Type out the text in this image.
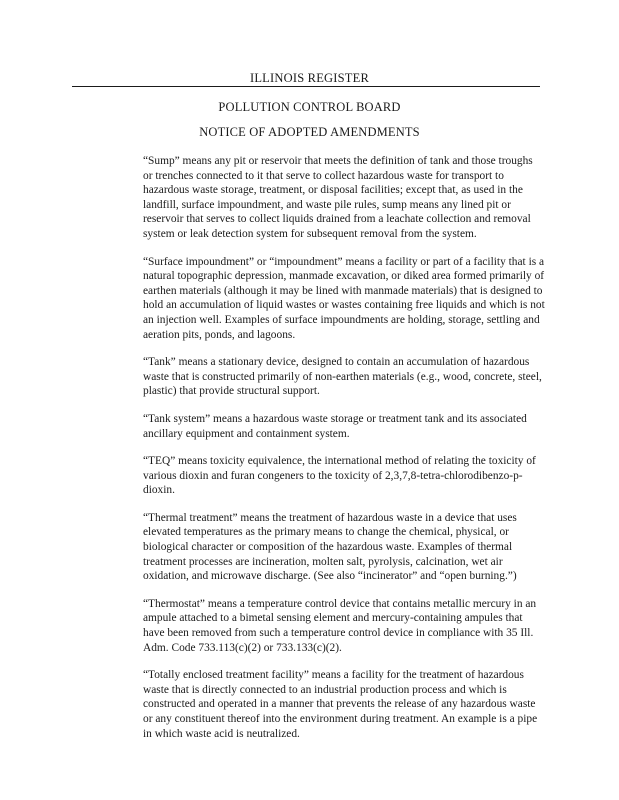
ILLINOIS REGISTER
POLLUTION CONTROL BOARD
NOTICE OF ADOPTED AMENDMENTS

“Sump” means any pit or reservoir that meets the definition of tank and those troughs or trenches connected to it that serve to collect hazardous waste for transport to hazardous waste storage, treatment, or disposal facilities; except that, as used in the landfill, surface impoundment, and waste pile rules, sump means any lined pit or reservoir that serves to collect liquids drained from a leachate collection and removal system or leak detection system for subsequent removal from the system.

“Surface impoundment” or “impoundment” means a facility or part of a facility that is a natural topographic depression, manmade excavation, or diked area formed primarily of earthen materials (although it may be lined with manmade materials) that is designed to hold an accumulation of liquid wastes or wastes containing free liquids and which is not an injection well. Examples of surface impoundments are holding, storage, settling and aeration pits, ponds, and lagoons.

“Tank” means a stationary device, designed to contain an accumulation of hazardous waste that is constructed primarily of non-earthen materials (e.g., wood, concrete, steel, plastic) that provide structural support.

“Tank system” means a hazardous waste storage or treatment tank and its associated ancillary equipment and containment system.

“TEQ” means toxicity equivalence, the international method of relating the toxicity of various dioxin and furan congeners to the toxicity of 2,3,7,8-tetra-chlorodibenzo-p-dioxin.

“Thermal treatment” means the treatment of hazardous waste in a device that uses elevated temperatures as the primary means to change the chemical, physical, or biological character or composition of the hazardous waste. Examples of thermal treatment processes are incineration, molten salt, pyrolysis, calcination, wet air oxidation, and microwave discharge. (See also “incinerator” and “open burning.”)

“Thermostat” means a temperature control device that contains metallic mercury in an ampule attached to a bimetal sensing element and mercury-containing ampules that have been removed from such a temperature control device in compliance with 35 Ill. Adm. Code 733.113(c)(2) or 733.133(c)(2).

“Totally enclosed treatment facility” means a facility for the treatment of hazardous waste that is directly connected to an industrial production process and which is constructed and operated in a manner that prevents the release of any hazardous waste or any constituent thereof into the environment during treatment. An example is a pipe in which waste acid is neutralized.
